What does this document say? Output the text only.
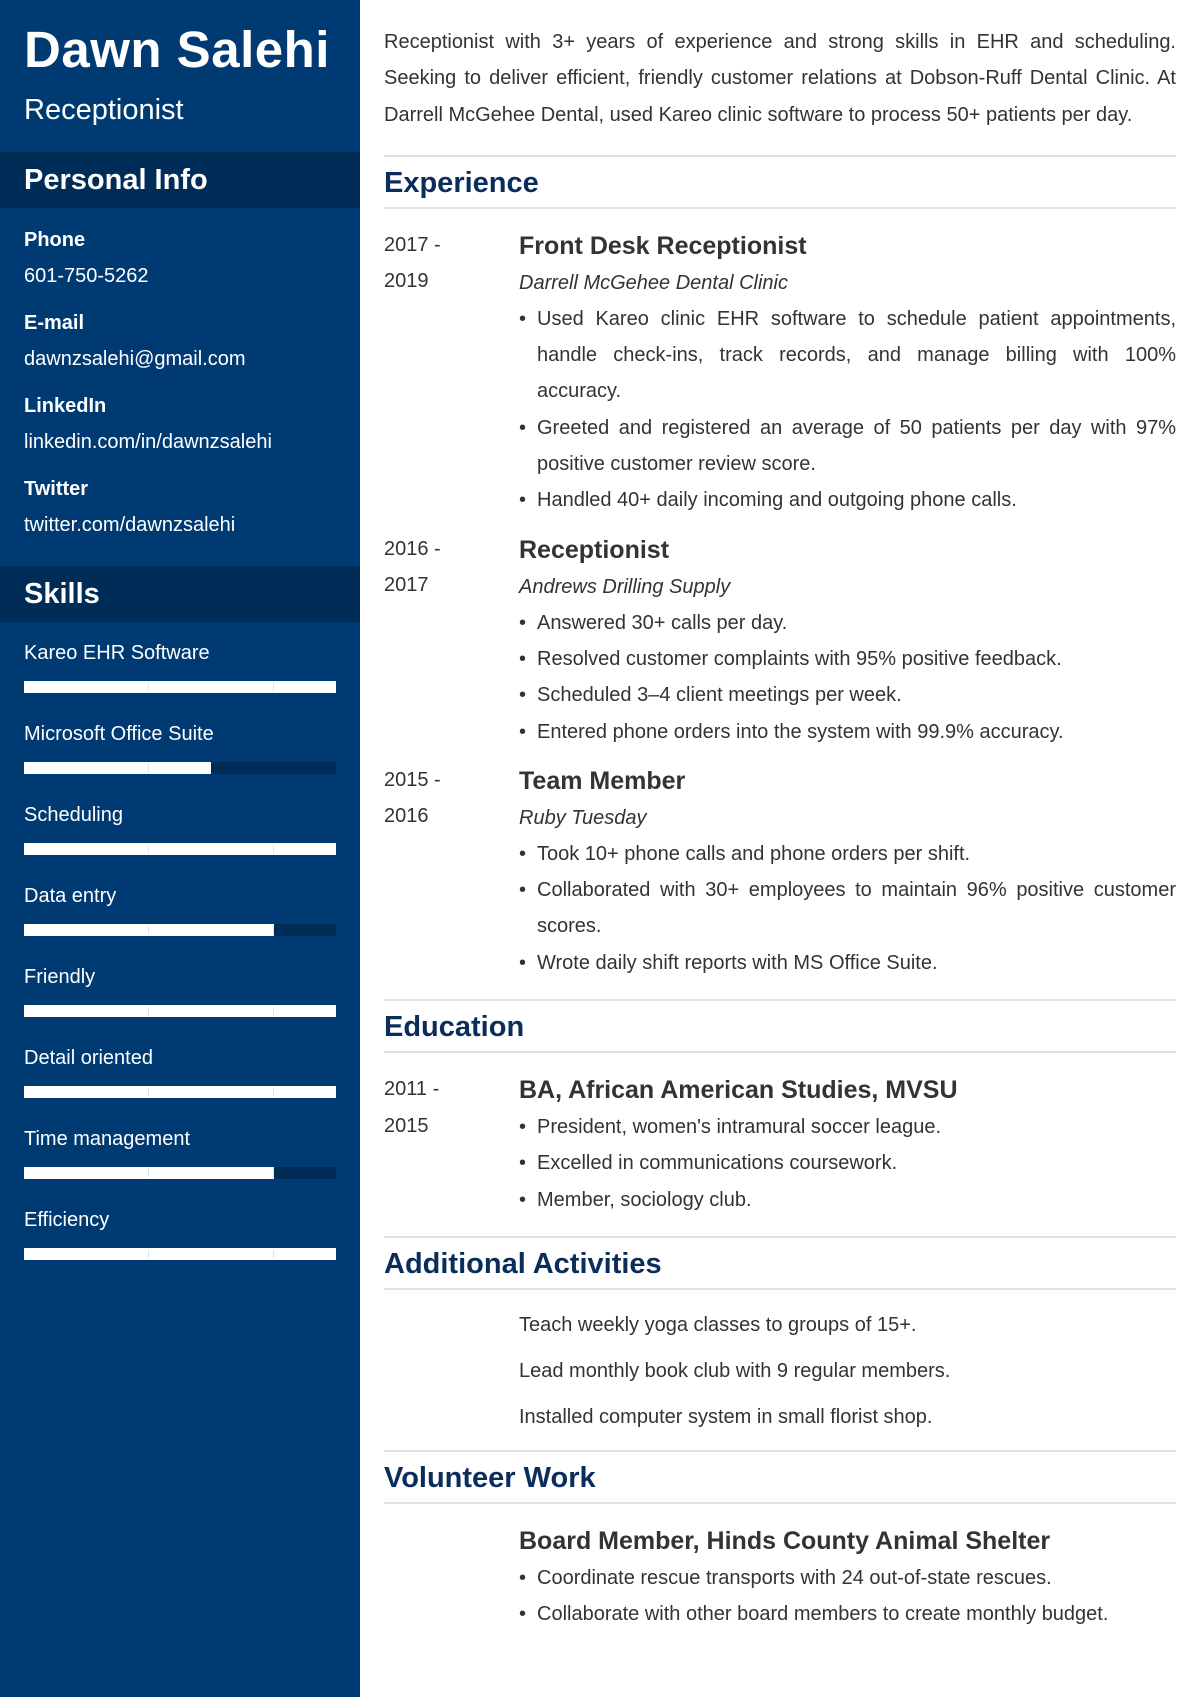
Dawn Salehi
Receptionist
Personal Info
Phone
601-750-5262
E-mail
dawnzsalehi@gmail.com
LinkedIn
linkedin.com/in/dawnzsalehi
Twitter
twitter.com/dawnzsalehi
Skills
Kareo EHR Software
Microsoft Office Suite
Scheduling
Data entry
Friendly
Detail oriented
Time management
Efficiency

Receptionist with 3+ years of experience and strong skills in EHR and scheduling. Seeking to deliver efficient, friendly customer relations at Dobson-Ruff Dental Clinic. At Darrell McGehee Dental, used Kareo clinic software to process 50+ patients per day.

Experience
2017 -
2019
Front Desk Receptionist
Darrell McGehee Dental Clinic
• Used Kareo clinic EHR software to schedule patient appointments, handle check-ins, track records, and manage billing with 100% accuracy.
• Greeted and registered an average of 50 patients per day with 97% positive customer review score.
• Handled 40+ daily incoming and outgoing phone calls.
2016 -
2017
Receptionist
Andrews Drilling Supply
• Answered 30+ calls per day.
• Resolved customer complaints with 95% positive feedback.
• Scheduled 3–4 client meetings per week.
• Entered phone orders into the system with 99.9% accuracy.
2015 -
2016
Team Member
Ruby Tuesday
• Took 10+ phone calls and phone orders per shift.
• Collaborated with 30+ employees to maintain 96% positive customer scores.
• Wrote daily shift reports with MS Office Suite.
Education
2011 -
2015
BA, African American Studies, MVSU
• President, women's intramural soccer league.
• Excelled in communications coursework.
• Member, sociology club.
Additional Activities
Teach weekly yoga classes to groups of 15+.
Lead monthly book club with 9 regular members.
Installed computer system in small florist shop.
Volunteer Work
Board Member, Hinds County Animal Shelter
• Coordinate rescue transports with 24 out-of-state rescues.
• Collaborate with other board members to create monthly budget.
